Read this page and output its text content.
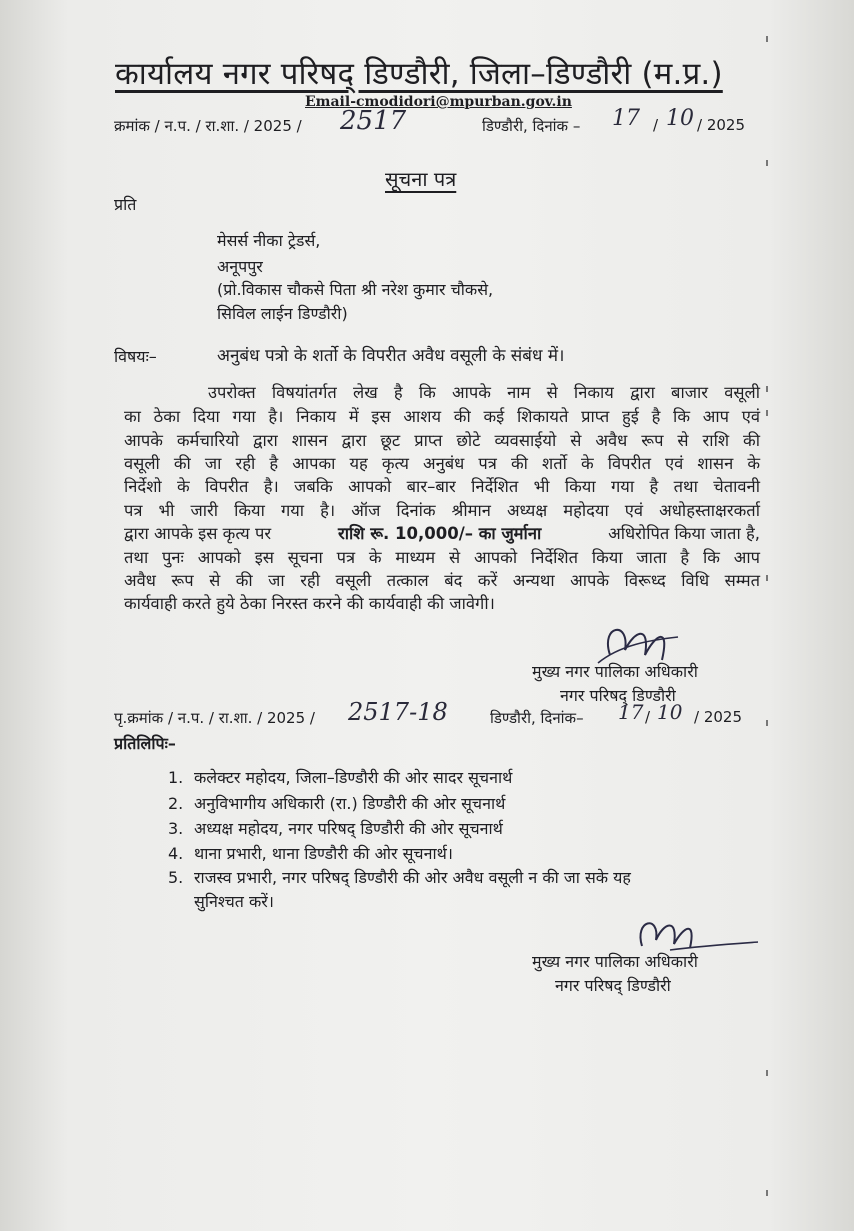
कार्यालय नगर परिषद् डिण्डौरी, जिला–डिण्डौरी (म.प्र.)
Email-cmodidori@mpurban.gov.in
क्रमांक / न.प. / रा.शा. / 2025 / 2517	डिण्डौरी, दिनांक – 17 / 10 / 2025
सूचना पत्र
प्रति
मेसर्स नीका ट्रेडर्स,
अनूपपुर
(प्रो.विकास चौकसे पिता श्री नरेश कुमार चौकसे,
सिविल लाईन डिण्डौरी)
विषयः–	अनुबंध पत्रो के शर्तो के विपरीत अवैध वसूली के संबंध में।
उपरोक्त विषयांतर्गत लेख है कि आपके नाम से निकाय द्वारा बाजार वसूली
का ठेका दिया गया है। निकाय में इस आशय की कई शिकायते प्राप्त हुई है कि आप एवं
आपके कर्मचारियो द्वारा शासन द्वारा छूट प्राप्त छोटे व्यवसाईयो से अवैध रूप से राशि की
वसूली की जा रही है आपका यह कृत्य अनुबंध पत्र की शर्तो के विपरीत एवं शासन के
निर्देशो के विपरीत है। जबकि आपको बार–बार निर्देशित भी किया गया है तथा चेतावनी
पत्र भी जारी किया गया है। ऑज दिनांक श्रीमान अध्यक्ष महोदया एवं अधोहस्ताक्षरकर्ता
द्वारा आपके इस कृत्य पर	राशि रू. 10,000/– का जुर्माना	अधिरोपित किया जाता है,
तथा पुनः आपको इस सूचना पत्र के माध्यम से आपको निर्देशित किया जाता है कि आप
अवैध रूप से की जा रही वसूली तत्काल बंद करें अन्यथा आपके विरूध्द विधि सम्मत
कार्यवाही करते हुये ठेका निरस्त करने की कार्यवाही की जावेगी।
मुख्य नगर पालिका अधिकारी
नगर परिषद् डिण्डौरी
पृ.क्रमांक / न.प. / रा.शा. / 2025 / 2517-18	डिण्डौरी, दिनांक– 17 / 10 / 2025
प्रतिलिपिः–
1. कलेक्टर महोदय, जिला–डिण्डौरी की ओर सादर सूचनार्थ
2. अनुविभागीय अधिकारी (रा.) डिण्डौरी की ओर सूचनार्थ
3. अध्यक्ष महोदय, नगर परिषद् डिण्डौरी की ओर सूचनार्थ
4. थाना प्रभारी, थाना डिण्डौरी की ओर सूचनार्थ।
5. राजस्व प्रभारी, नगर परिषद् डिण्डौरी की ओर अवैध वसूली न की जा सके यह
सुनिश्चत करें।
मुख्य नगर पालिका अधिकारी
नगर परिषद् डिण्डौरी
